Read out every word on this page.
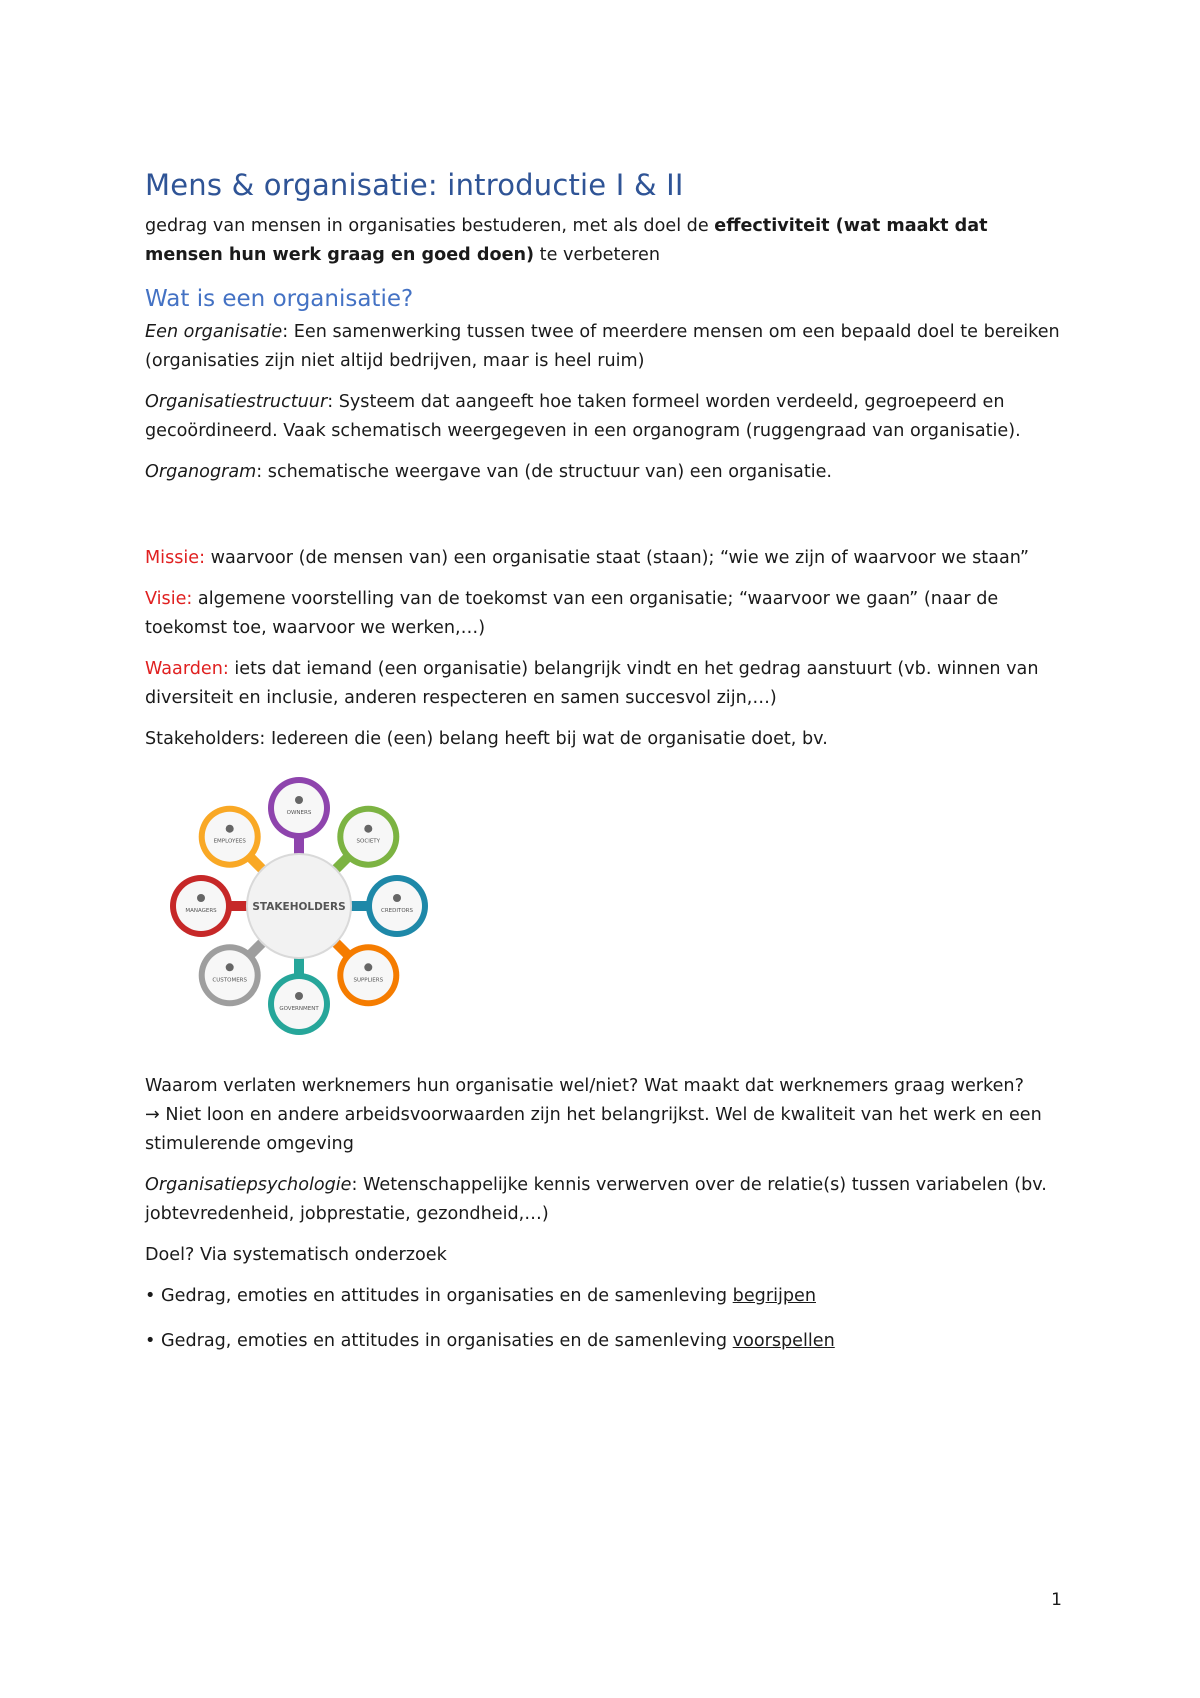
Mens & organisatie: introductie I & II

gedrag van mensen in organisaties bestuderen, met als doel de effectiviteit (wat maakt dat mensen hun werk graag en goed doen) te verbeteren

Wat is een organisatie?

Een organisatie: Een samenwerking tussen twee of meerdere mensen om een bepaald doel te bereiken (organisaties zijn niet altijd bedrijven, maar is heel ruim)

Organisatiestructuur: Systeem dat aangeeft hoe taken formeel worden verdeeld, gegroepeerd en gecoördineerd. Vaak schematisch weergegeven in een organogram (ruggengraad van organisatie).

Organogram: schematische weergave van (de structuur van) een organisatie.

Missie: waarvoor (de mensen van) een organisatie staat (staan); “wie we zijn of waarvoor we staan”

Visie: algemene voorstelling van de toekomst van een organisatie; “waarvoor we gaan” (naar de toekomst toe, waarvoor we werken,…)

Waarden: iets dat iemand (een organisatie) belangrijk vindt en het gedrag aanstuurt (vb. winnen van diversiteit en inclusie, anderen respecteren en samen succesvol zijn,…)

Stakeholders: Iedereen die (een) belang heeft bij wat de organisatie doet, bv.

OWNERS
SOCIETY
CREDITORS
SUPPLIERS
GOVERNMENT
CUSTOMERS
MANAGERS
EMPLOYEES
STAKEHOLDERS

Waarom verlaten werknemers hun organisatie wel/niet? Wat maakt dat werknemers graag werken?

→ Niet loon en andere arbeidsvoorwaarden zijn het belangrijkst. Wel de kwaliteit van het werk en een stimulerende omgeving

Organisatiepsychologie: Wetenschappelijke kennis verwerven over de relatie(s) tussen variabelen (bv. jobtevredenheid, jobprestatie, gezondheid,…)

Doel? Via systematisch onderzoek

• Gedrag, emoties en attitudes in organisaties en de samenleving begrijpen

• Gedrag, emoties en attitudes in organisaties en de samenleving voorspellen

1
